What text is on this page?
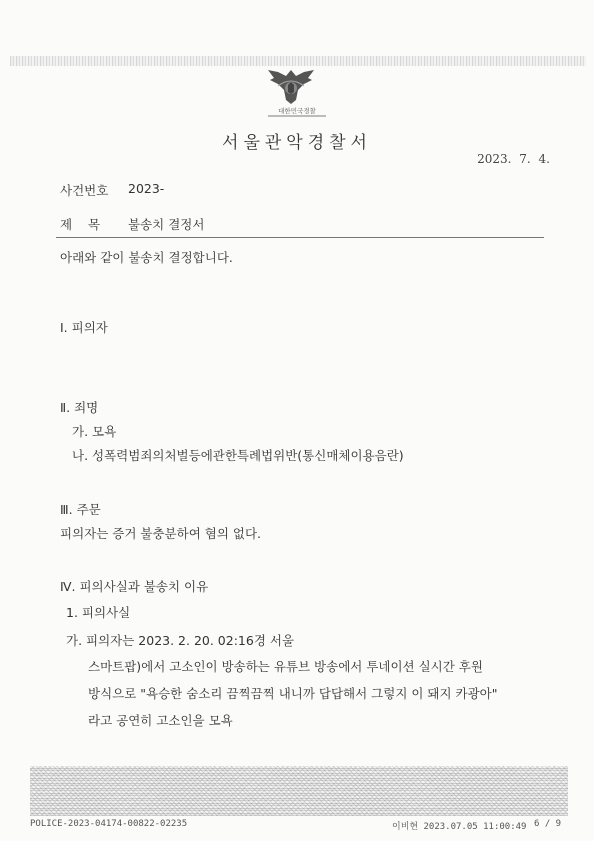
대한민국경찰
서울관악경찰서
2023. 7. 4.
사건번호 2023-
제    목 불송치 결정서
아래와 같이 불송치 결정합니다.
Ⅰ. 피의자
Ⅱ. 죄명
가. 모욕
나. 성폭력범죄의처벌등에관한특례법위반(통신매체이용음란)
Ⅲ. 주문
피의자는 증거 불충분하여 혐의 없다.
Ⅳ. 피의사실과 불송치 이유
1. 피의사실
가. 피의자는 2023. 2. 20. 02:16경 서울
스마트팝)에서 고소인이 방송하는 유튜브 방송에서 투네이션 실시간 후원
방식으로 "욕승한 숨소리 끔찍끔찍 내니까 답답해서 그렇지 이 돼지 카광아"
라고 공연히 고소인을 모욕
POLICE-2023-04174-00822-02235	이비현 2023.07.05 11:00:49 6 / 9
